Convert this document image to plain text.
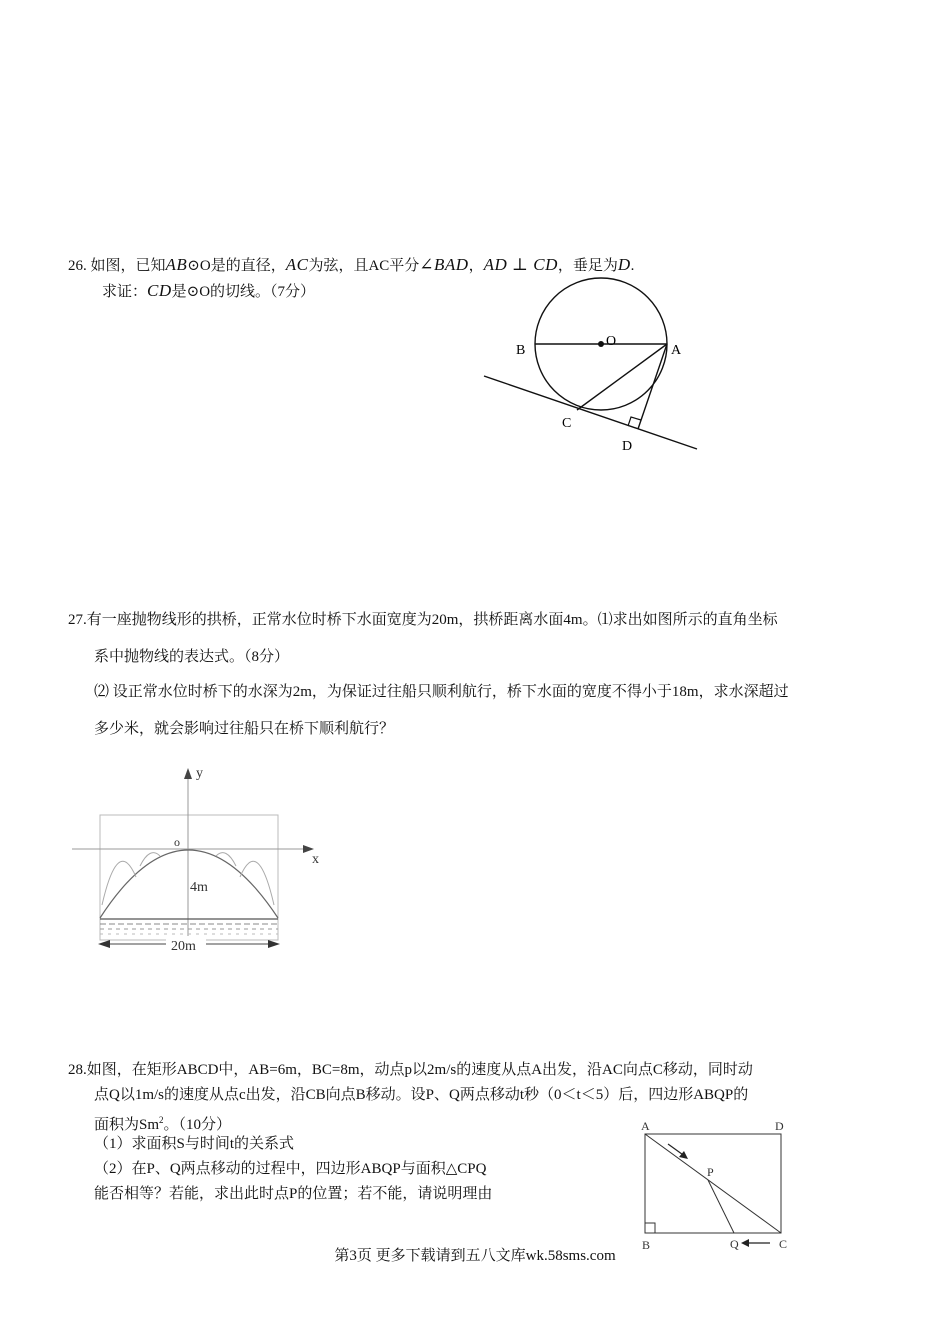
26. 如图，已知AB⊙O是的直径，AC为弦，且AC平分∠BAD，AD ⊥ CD，垂足为D.
求证：CD是⊙O的切线。（7分）
B
O
A
C
D
27.有一座抛物线形的拱桥，正常水位时桥下水面宽度为20m，拱桥距离水面4m。⑴求出如图所示的直角坐标
系中抛物线的表达式。（8分）
⑵ 设正常水位时桥下的水深为2m，为保证过往船只顺利航行，桥下水面的宽度不得小于18m，求水深超过
多少米，就会影响过往船只在桥下顺利航行？
y
x
o
4m
20m
28.如图，在矩形ABCD中，AB=6m，BC=8m，动点p以2m/s的速度从点A出发，沿AC向点C移动，同时动
点Q以1m/s的速度从点c出发，沿CB向点B移动。设P、Q两点移动t秒（0＜t＜5）后，四边形ABQP的
面积为Sm$^2$。（10分）
（1）求面积S与时间t的关系式
（2）在P、Q两点移动的过程中，四边形ABQP与面积△CPQ
能否相等？若能，求出此时点P的位置；若不能，请说明理由
A	D
P
B	Q	C
第3页 更多下载请到五八文库wk.58sms.com
